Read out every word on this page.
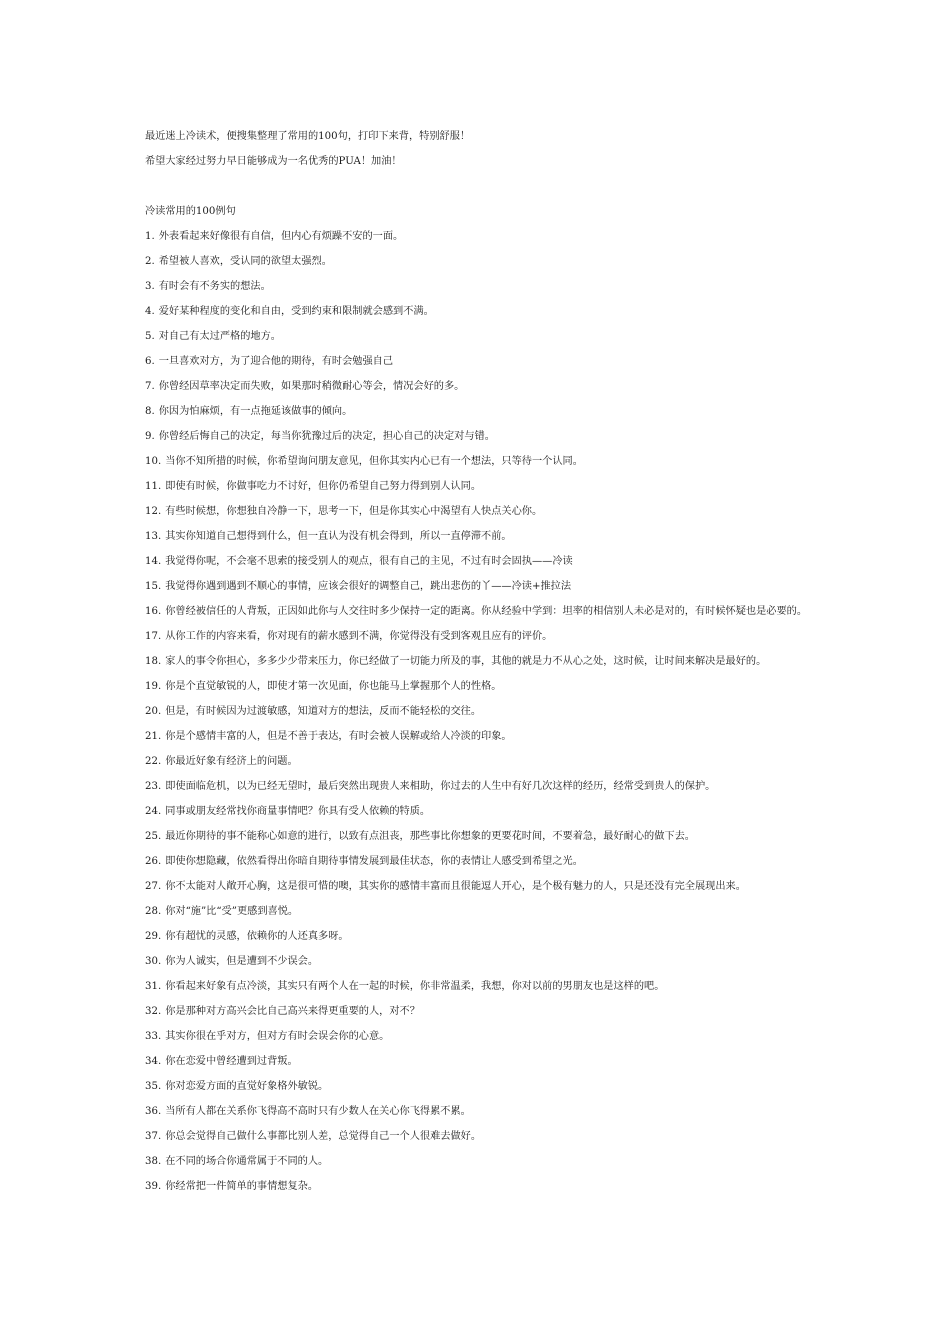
最近迷上冷读术，便搜集整理了常用的100句，打印下来背，特别舒服！
希望大家经过努力早日能够成为一名优秀的PUA！加油！
冷读常用的100例句
1. 外表看起来好像很有自信，但内心有烦躁不安的一面。
2. 希望被人喜欢，受认同的欲望太强烈。
3. 有时会有不务实的想法。
4. 爱好某种程度的变化和自由，受到约束和限制就会感到不满。
5. 对自己有太过严格的地方。
6. 一旦喜欢对方，为了迎合他的期待，有时会勉强自己
7. 你曾经因草率决定而失败，如果那时稍微耐心等会，情况会好的多。
8. 你因为怕麻烦，有一点拖延该做事的倾向。
9. 你曾经后悔自己的决定，每当你犹豫过后的决定，担心自己的决定对与错。
10. 当你不知所措的时候，你希望询问朋友意见，但你其实内心已有一个想法，只等待一个认同。
11. 即使有时候，你做事吃力不讨好，但你仍希望自己努力得到别人认同。
12. 有些时候想，你想独自冷静一下，思考一下，但是你其实心中渴望有人快点关心你。
13. 其实你知道自己想得到什么，但一直认为没有机会得到，所以一直停滞不前。
14. 我觉得你呢，不会毫不思索的接受别人的观点，很有自己的主见，不过有时会固执——冷读
15. 我觉得你遇到遇到不顺心的事情，应该会很好的调整自己，跳出悲伤的丫——冷读+推拉法
16. 你曾经被信任的人背叛，正因如此你与人交往时多少保持一定的距离。你从经验中学到：坦率的相信别人未必是对的，有时候怀疑也是必要的。
17. 从你工作的内容来看，你对现有的薪水感到不满，你觉得没有受到客观且应有的评价。
18. 家人的事令你担心，多多少少带来压力，你已经做了一切能力所及的事，其他的就是力不从心之处，这时候，让时间来解决是最好的。
19. 你是个直觉敏锐的人，即使才第一次见面，你也能马上掌握那个人的性格。
20. 但是，有时候因为过渡敏感，知道对方的想法，反而不能轻松的交往。
21. 你是个感情丰富的人，但是不善于表达，有时会被人误解或给人冷淡的印象。
22. 你最近好象有经济上的问题。
23. 即使面临危机，以为已经无望时，最后突然出现贵人来相助，你过去的人生中有好几次这样的经历，经常受到贵人的保护。
24. 同事或朋友经常找你商量事情吧？你具有受人依赖的特质。
25. 最近你期待的事不能称心如意的进行，以致有点沮丧，那些事比你想象的更要花时间，不要着急，最好耐心的做下去。
26. 即使你想隐藏，依然看得出你暗自期待事情发展到最佳状态，你的表情让人感受到希望之光。
27. 你不太能对人敞开心胸，这是很可惜的噢，其实你的感情丰富而且很能逗人开心，是个极有魅力的人，只是还没有完全展现出来。
28. 你对“施”比“受”更感到喜悦。
29. 你有超忧的灵感，依赖你的人还真多呀。
30. 你为人诚实，但是遭到不少误会。
31. 你看起来好象有点冷淡，其实只有两个人在一起的时候，你非常温柔，我想，你对以前的男朋友也是这样的吧。
32. 你是那种对方高兴会比自己高兴来得更重要的人，对不？
33. 其实你很在乎对方，但对方有时会误会你的心意。
34. 你在恋爱中曾经遭到过背叛。
35. 你对恋爱方面的直觉好象格外敏锐。
36. 当所有人都在关系你飞得高不高时只有少数人在关心你飞得累不累。
37. 你总会觉得自己做什么事都比别人差，总觉得自己一个人很难去做好。
38. 在不同的场合你通常属于不同的人。
39. 你经常把一件简单的事情想复杂。
